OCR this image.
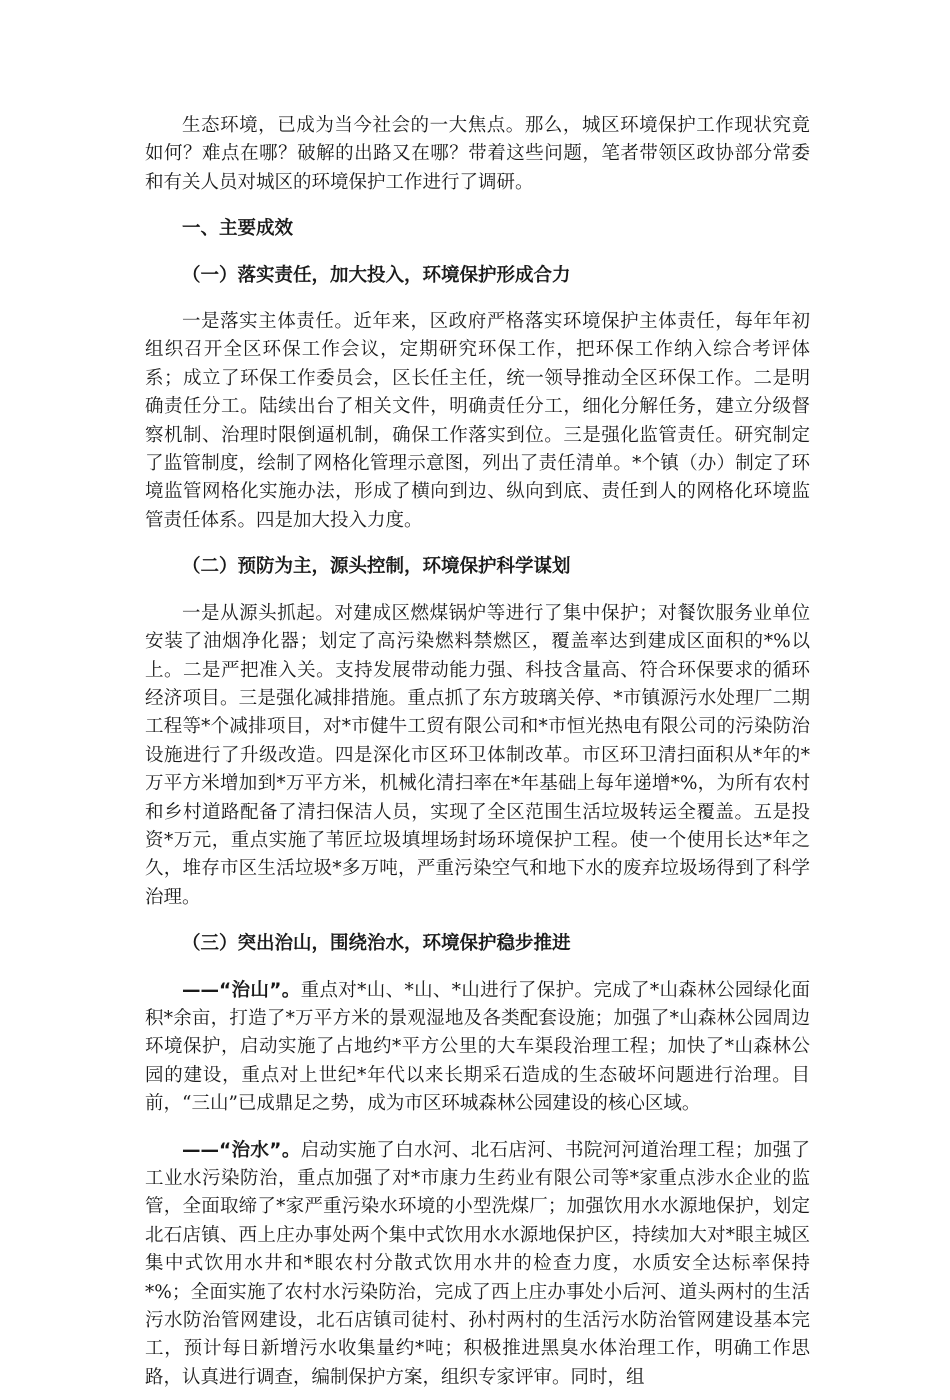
生态环境，已成为当今社会的一大焦点。那么，城区环境保护工作现状究竟如何？难点在哪？破解的出路又在哪？带着这些问题，笔者带领区政协部分常委和有关人员对城区的环境保护工作进行了调研。

一、主要成效
（一）落实责任，加大投入，环境保护形成合力

一是落实主体责任。近年来，区政府严格落实环境保护主体责任，每年年初组织召开全区环保工作会议，定期研究环保工作，把环保工作纳入综合考评体系；成立了环保工作委员会，区长任主任，统一领导推动全区环保工作。二是明确责任分工。陆续出台了相关文件，明确责任分工，细化分解任务，建立分级督察机制、治理时限倒逼机制，确保工作落实到位。三是强化监管责任。研究制定了监管制度，绘制了网格化管理示意图，列出了责任清单。*个镇（办）制定了环境监管网格化实施办法，形成了横向到边、纵向到底、责任到人的网格化环境监管责任体系。四是加大投入力度。

（二）预防为主，源头控制，环境保护科学谋划

一是从源头抓起。对建成区燃煤锅炉等进行了集中保护；对餐饮服务业单位安装了油烟净化器；划定了高污染燃料禁燃区，覆盖率达到建成区面积的*%以上。二是严把准入关。支持发展带动能力强、科技含量高、符合环保要求的循环经济项目。三是强化减排措施。重点抓了东方玻璃关停、*市镇源污水处理厂二期工程等*个减排项目，对*市健牛工贸有限公司和*市恒光热电有限公司的污染防治设施进行了升级改造。四是深化市区环卫体制改革。市区环卫清扫面积从*年的*万平方米增加到*万平方米，机械化清扫率在*年基础上每年递增*%，为所有农村和乡村道路配备了清扫保洁人员，实现了全区范围生活垃圾转运全覆盖。五是投资*万元，重点实施了苇匠垃圾填埋场封场环境保护工程。使一个使用长达*年之久，堆存市区生活垃圾*多万吨，严重污染空气和地下水的废弃垃圾场得到了科学治理。

（三）突出治山，围绕治水，环境保护稳步推进

——“治山”。重点对*山、*山、*山进行了保护。完成了*山森林公园绿化面积*余亩，打造了*万平方米的景观湿地及各类配套设施；加强了*山森林公园周边环境保护，启动实施了占地约*平方公里的大车渠段治理工程；加快了*山森林公园的建设，重点对上世纪*年代以来长期采石造成的生态破坏问题进行治理。目前，“三山”已成鼎足之势，成为市区环城森林公园建设的核心区域。

——“治水”。启动实施了白水河、北石店河、书院河河道治理工程；加强了工业水污染防治，重点加强了对*市康力生药业有限公司等*家重点涉水企业的监管，全面取缔了*家严重污染水环境的小型洗煤厂；加强饮用水水源地保护，划定北石店镇、西上庄办事处两个集中式饮用水水源地保护区，持续加大对*眼主城区集中式饮用水井和*眼农村分散式饮用水井的检查力度，水质安全达标率保持*%；全面实施了农村水污染防治，完成了西上庄办事处小后河、道头两村的生活污水防治管网建设，北石店镇司徒村、孙村两村的生活污水防治管网建设基本完工，预计每日新增污水收集量约*吨；积极推进黑臭水体治理工作，明确工作思路，认真进行调查，编制保护方案，组织专家评审。同时，组
